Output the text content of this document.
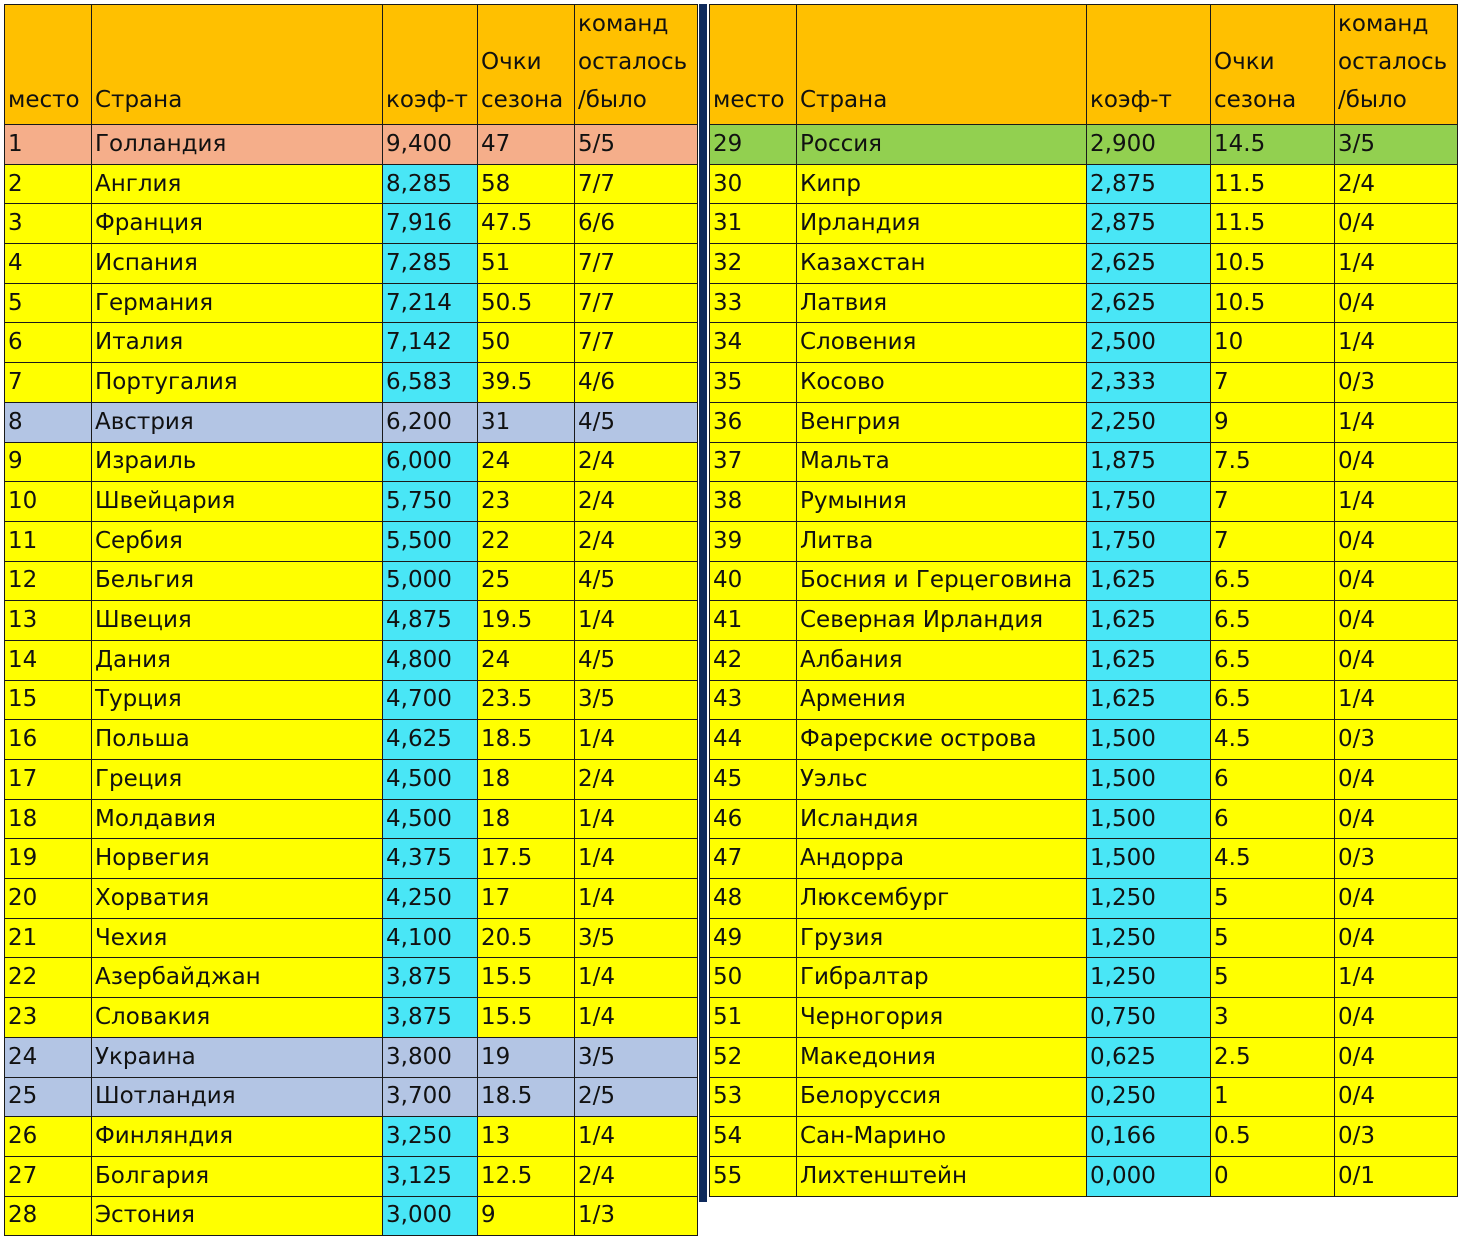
место	Страна	коэф-т	Очки сезона	команд осталось /было
1	Голландия	9,400	47	5/5
2	Англия	8,285	58	7/7
3	Франция	7,916	47.5	6/6
4	Испания	7,285	51	7/7
5	Германия	7,214	50.5	7/7
6	Италия	7,142	50	7/7
7	Португалия	6,583	39.5	4/6
8	Австрия	6,200	31	4/5
9	Израиль	6,000	24	2/4
10	Швейцария	5,750	23	2/4
11	Сербия	5,500	22	2/4
12	Бельгия	5,000	25	4/5
13	Швеция	4,875	19.5	1/4
14	Дания	4,800	24	4/5
15	Турция	4,700	23.5	3/5
16	Польша	4,625	18.5	1/4
17	Греция	4,500	18	2/4
18	Молдавия	4,500	18	1/4
19	Норвегия	4,375	17.5	1/4
20	Хорватия	4,250	17	1/4
21	Чехия	4,100	20.5	3/5
22	Азербайджан	3,875	15.5	1/4
23	Словакия	3,875	15.5	1/4
24	Украина	3,800	19	3/5
25	Шотландия	3,700	18.5	2/5
26	Финляндия	3,250	13	1/4
27	Болгария	3,125	12.5	2/4
28	Эстония	3,000	9	1/3
место	Страна	коэф-т	Очки сезона	команд осталось /было
29	Россия	2,900	14.5	3/5
30	Кипр	2,875	11.5	2/4
31	Ирландия	2,875	11.5	0/4
32	Казахстан	2,625	10.5	1/4
33	Латвия	2,625	10.5	0/4
34	Словения	2,500	10	1/4
35	Косово	2,333	7	0/3
36	Венгрия	2,250	9	1/4
37	Мальта	1,875	7.5	0/4
38	Румыния	1,750	7	1/4
39	Литва	1,750	7	0/4
40	Босния и Герцеговина	1,625	6.5	0/4
41	Северная Ирландия	1,625	6.5	0/4
42	Албания	1,625	6.5	0/4
43	Армения	1,625	6.5	1/4
44	Фарерские острова	1,500	4.5	0/3
45	Уэльс	1,500	6	0/4
46	Исландия	1,500	6	0/4
47	Андорра	1,500	4.5	0/3
48	Люксембург	1,250	5	0/4
49	Грузия	1,250	5	0/4
50	Гибралтар	1,250	5	1/4
51	Черногория	0,750	3	0/4
52	Македония	0,625	2.5	0/4
53	Белоруссия	0,250	1	0/4
54	Сан-Марино	0,166	0.5	0/3
55	Лихтенштейн	0,000	0	0/1
